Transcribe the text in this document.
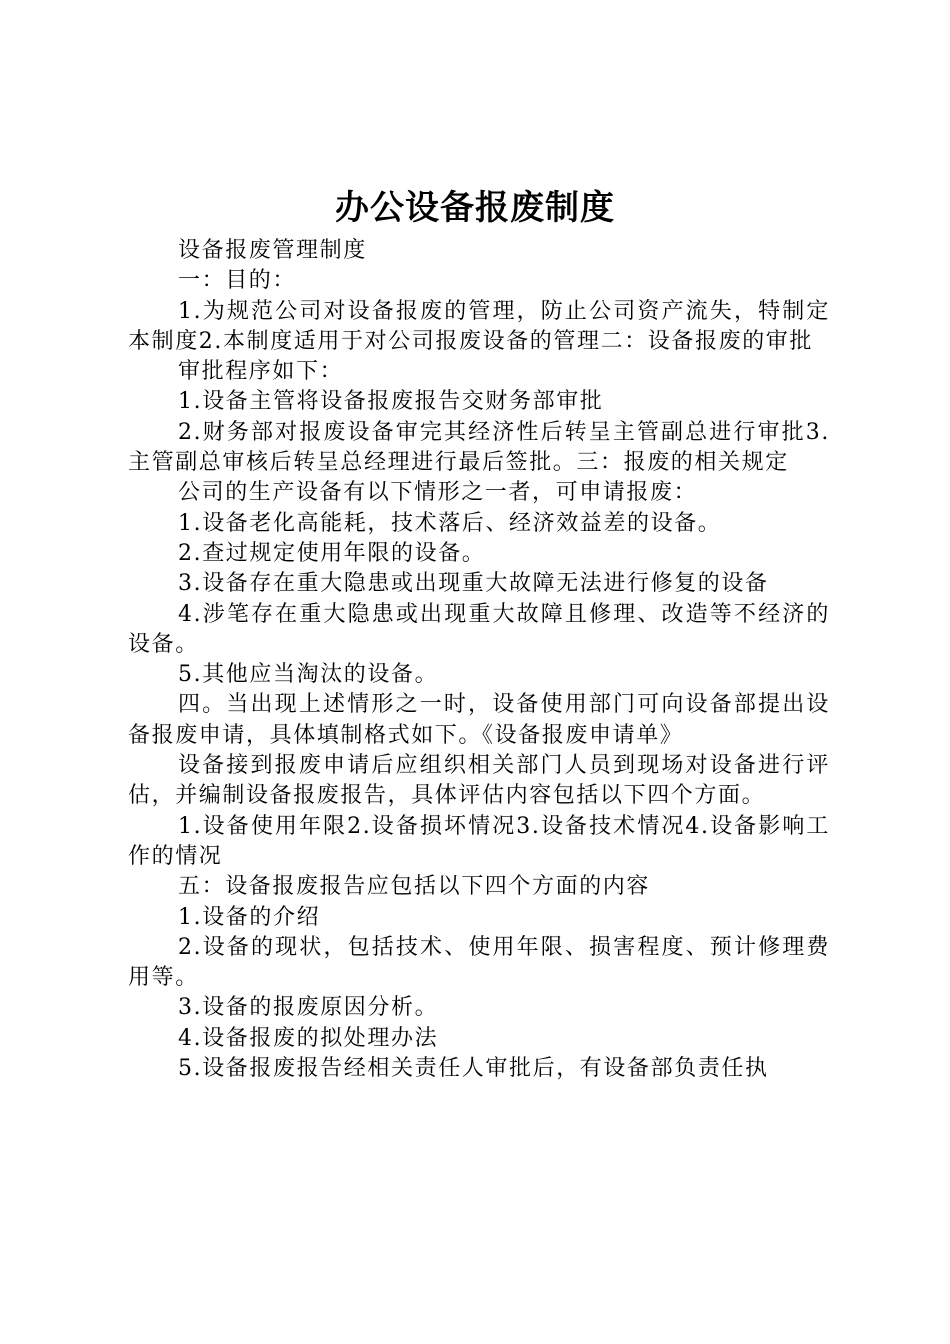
办公设备报废制度

设备报废管理制度

一：目的：

1.为规范公司对设备报废的管理，防止公司资产流失，特制定本制度2.本制度适用于对公司报废设备的管理二：设备报废的审批

审批程序如下：

1.设备主管将设备报废报告交财务部审批

2.财务部对报废设备审完其经济性后转呈主管副总进行审批3.主管副总审核后转呈总经理进行最后签批。三：报废的相关规定

公司的生产设备有以下情形之一者，可申请报废：

1.设备老化高能耗，技术落后、经济效益差的设备。

2.查过规定使用年限的设备。

3.设备存在重大隐患或出现重大故障无法进行修复的设备

4.涉笔存在重大隐患或出现重大故障且修理、改造等不经济的设备。

5.其他应当淘汰的设备。

四。当出现上述情形之一时，设备使用部门可向设备部提出设备报废申请，具体填制格式如下。《设备报废申请单》

设备接到报废申请后应组织相关部门人员到现场对设备进行评估，并编制设备报废报告，具体评估内容包括以下四个方面。

1.设备使用年限2.设备损坏情况3.设备技术情况4.设备影响工作的情况

五：设备报废报告应包括以下四个方面的内容

1.设备的介绍

2.设备的现状，包括技术、使用年限、损害程度、预计修理费用等。

3.设备的报废原因分析。

4.设备报废的拟处理办法

5.设备报废报告经相关责任人审批后，有设备部负责任执
